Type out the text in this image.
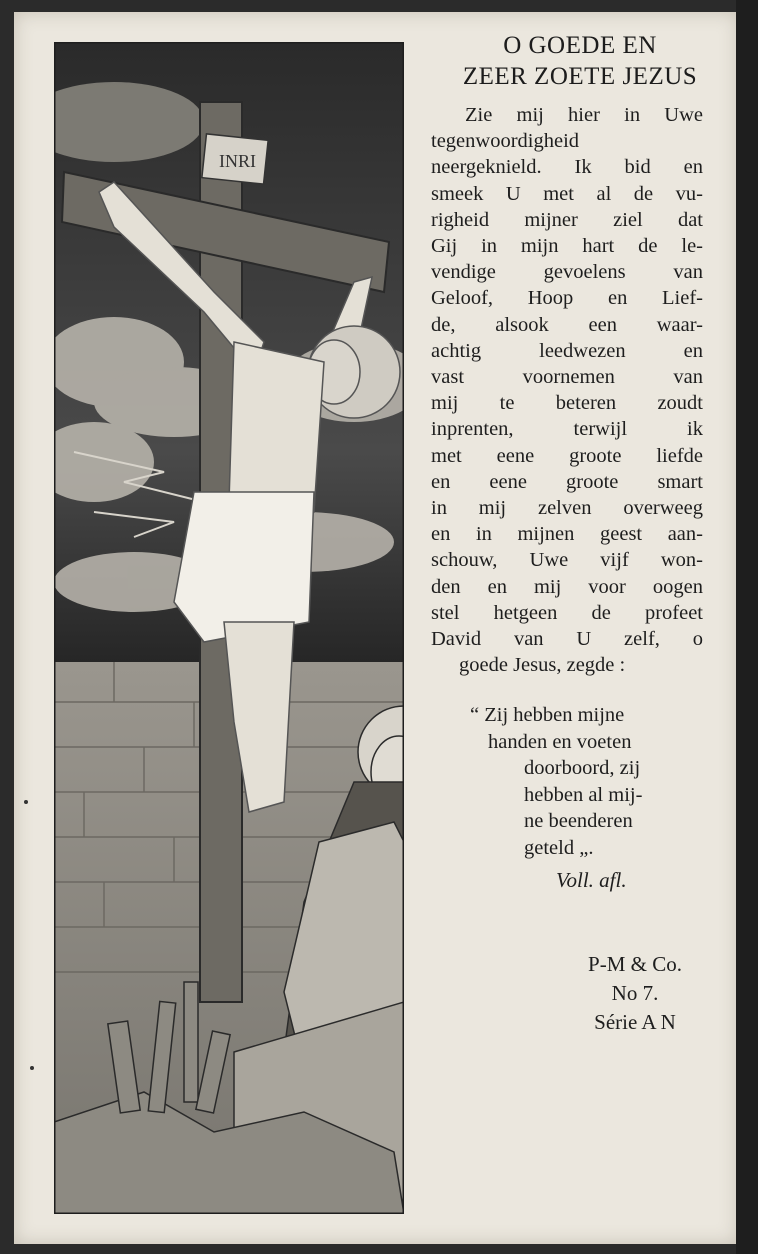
INRI
O GOEDE EN
ZEER ZOETE JEZUS
Zie mij hier in Uwe
tegenwoordigheid
neergeknield. Ik bid en
smeek U met al de vu-
righeid mijner ziel dat
Gij in mijn hart de le-
vendige gevoelens van
Geloof, Hoop en Lief-
de, alsook een waar-
achtig leedwezen en
vast voornemen van
mij te beteren zoudt
inprenten, terwijl ik
met eene groote liefde
en eene groote smart
in mij zelven overweeg
en in mijnen geest aan-
schouw, Uwe vijf won-
den en mij voor oogen
stel hetgeen de profeet
David van U zelf, o
goede Jesus, zegde :
“ Zij hebben mijne
handen en voeten
doorboord, zij
hebben al mij-
ne beenderen
geteld „.
Voll. afl.
P-M & Co.
No 7.
Série A N
